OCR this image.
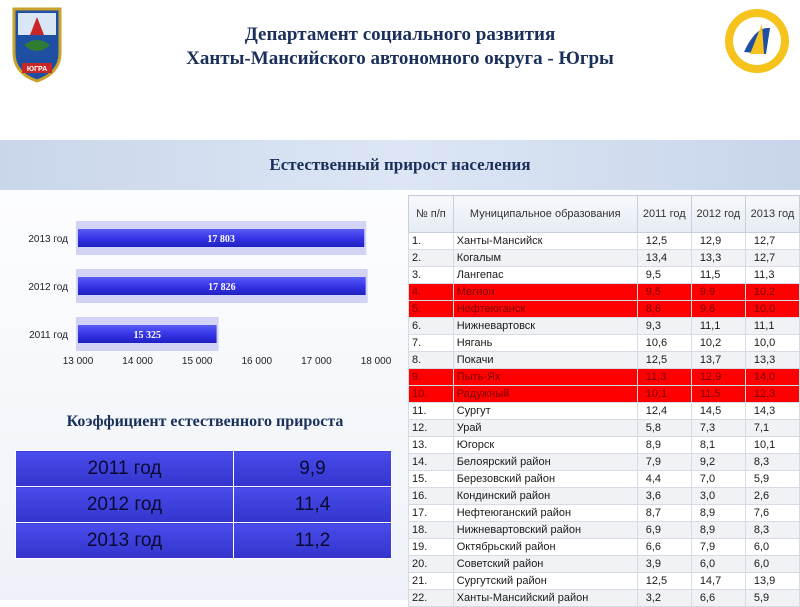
ЮГРА
Департамент социального развития
Ханты-Мансийского автономного округа - Югры
Естественный прирост населения
2013 год	17 803
2012 год	17 826
2011 год	15 325
13 000	14 000	15 000	16 000	17 000	18 000
Коэффициент естественного прироста
2011 год	9,9
2012 год	11,4
2013 год	11,2
№ п/п	Муниципальное образования	2011 год	2012 год	2013 год
1.	Ханты-Мансийск	12,5	12,9	12,7
2.	Когалым	13,4	13,3	12,7
3.	Лангепас	9,5	11,5	11,3
4.	Мегион	9,5	9,9	10,2
5.	Нефтеюганск	8,6	9,6	10,0
6.	Нижневартовск	9,3	11,1	11,1
7.	Нягань	10,6	10,2	10,0
8.	Покачи	12,5	13,7	13,3
9.	Пыть-Ях	11,3	12,9	14,0
10.	Радужный	10,1	11,5	12,3
11.	Сургут	12,4	14,5	14,3
12.	Урай	5,8	7,3	7,1
13.	Югорск	8,9	8,1	10,1
14.	Белоярский район	7,9	9,2	8,3
15.	Березовский район	4,4	7,0	5,9
16.	Кондинский район	3,6	3,0	2,6
17.	Нефтеюганский район	8,7	8,9	7,6
18.	Нижневартовский район	6,9	8,9	8,3
19.	Октябрьский район	6,6	7,9	6,0
20.	Советский район	3,9	6,0	6,0
21.	Сургутский район	12,5	14,7	13,9
22.	Ханты-Мансийский район	3,2	6,6	5,9
